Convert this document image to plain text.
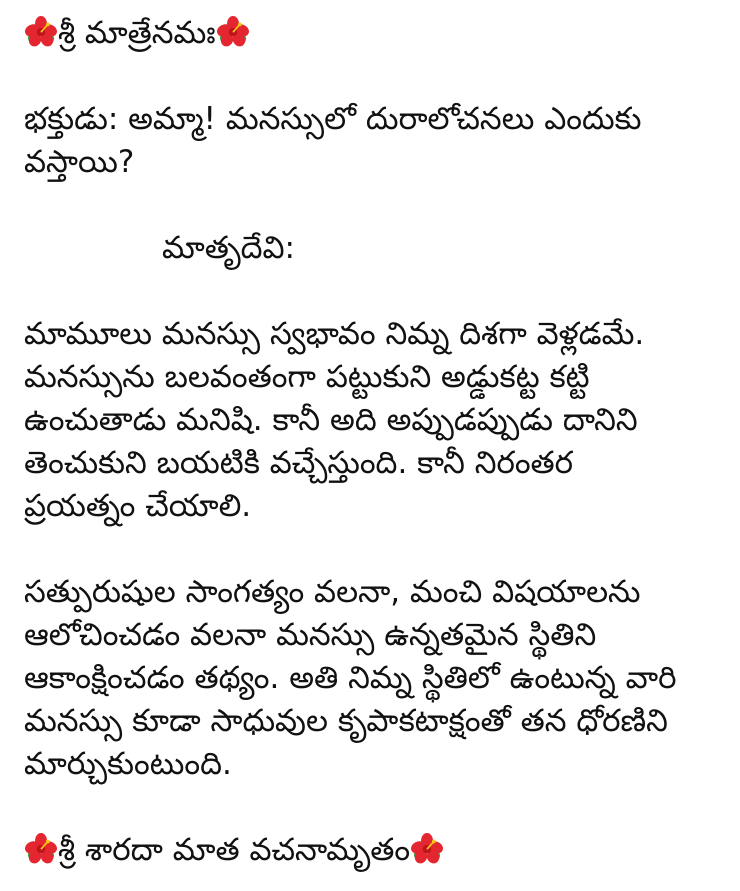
శ్రీ మాత్రేనమః
భక్తుడు: అమ్మా! మనస్సులో దురాలోచనలు ఎందుకు
వస్తాయి?
మాతృదేవి:
మామూలు మనస్సు స్వభావం నిమ్న దిశగా వెళ్లడమే.
మనస్సును బలవంతంగా పట్టుకుని అడ్డుకట్ట కట్టి
ఉంచుతాడు మనిషి. కానీ అది అప్పుడప్పుడు దానిని
తెంచుకుని బయటికి వచ్చేస్తుంది. కానీ నిరంతర
ప్రయత్నం చేయాలి.
సత్పురుషుల సాంగత్యం వలనా, మంచి విషయాలను
ఆలోచించడం వలనా మనస్సు ఉన్నతమైన స్థితిని
ఆకాంక్షించడం తథ్యం. అతి నిమ్న స్థితిలో ఉంటున్న వారి
మనస్సు కూడా సాధువుల కృపాకటాక్షంతో తన ధోరణిని
మార్చుకుంటుంది.
శ్రీ శారదా మాత వచనామృతం
